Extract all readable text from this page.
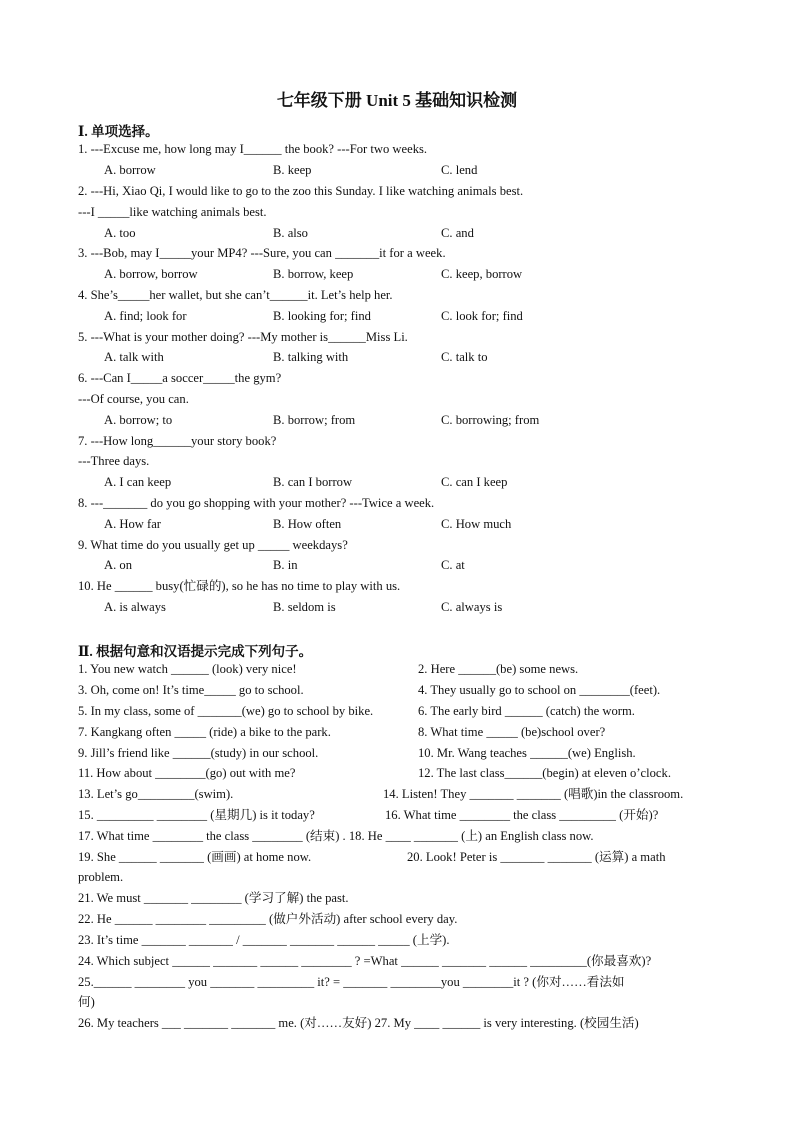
七年级下册 Unit 5 基础知识检测
Ⅰ. 单项选择。
1. ---Excuse me, how long may I______ the book? ---For two weeks.
A. borrow	B. keep	C. lend
2. ---Hi, Xiao Qi, I would like to go to the zoo this Sunday. I like watching animals best.
---I _____like watching animals best.
A. too	B. also	C. and
3. ---Bob, may I_____your MP4? ---Sure, you can _______it for a week.
A. borrow, borrow	B. borrow, keep	C. keep, borrow
4. She’s_____her wallet, but she can’t______it. Let’s help her.
A. find; look for	B. looking for; find	C. look for; find
5. ---What is your mother doing? ---My mother is______Miss Li.
A. talk with	B. talking with	C. talk to
6. ---Can I_____a soccer_____the gym?
---Of course, you can.
A. borrow; to	B. borrow; from	C. borrowing; from
7. ---How long______your story book?
---Three days.
A. I can keep	B. can I borrow	C. can I keep
8. ---_______ do you go shopping with your mother? ---Twice a week.
A. How far	B. How often	C. How much
9. What time do you usually get up _____ weekdays?
A. on	B. in	C. at
10. He ______ busy(忙碌的), so he has no time to play with us.
A. is always	B. seldom is	C. always is
Ⅱ. 根据句意和汉语提示完成下列句子。
1. You new watch ______ (look) very nice!	2. Here ______(be) some news.
3. Oh, come on! It’s time_____ go to school.	4. They usually go to school on ________(feet).
5. In my class, some of _______(we) go to school by bike.	6. The early bird ______ (catch) the worm.
7. Kangkang often _____ (ride) a bike to the park.	8. What time _____ (be)school over?
9. Jill’s friend like ______(study) in our school.	10. Mr. Wang teaches ______(we) English.
11. How about ________(go) out with me?	12. The last class______(begin) at eleven o’clock.
13. Let’s go_________(swim).	14. Listen! They _______ _______ (唱歌)in the classroom.
15. _________ ________ (星期几) is it today?	16. What time ________ the class _________ (开始)?
17. What time ________ the class ________ (结束) . 18. He ____ _______ (上) an English class now.
19. She ______ _______ (画画) at home now.	20. Look! Peter is _______ _______ (运算) a math
problem.
21. We must _______ ________ (学习了解) the past.
22. He ______ ________ _________ (做户外活动) after school every day.
23. It’s time _______ _______ / _______ _______ ______ _____ (上学).
24. Which subject ______ _______ ______ ________ ? =What ______ _______ ______ _________(你最喜欢)?
25.______ ________ you _______ _________ it? = _______ ________you ________it ? (你对……看法如
何)
26. My teachers ___ _______ _______ me. (对……友好) 27. My ____ ______ is very interesting. (校园生活)
